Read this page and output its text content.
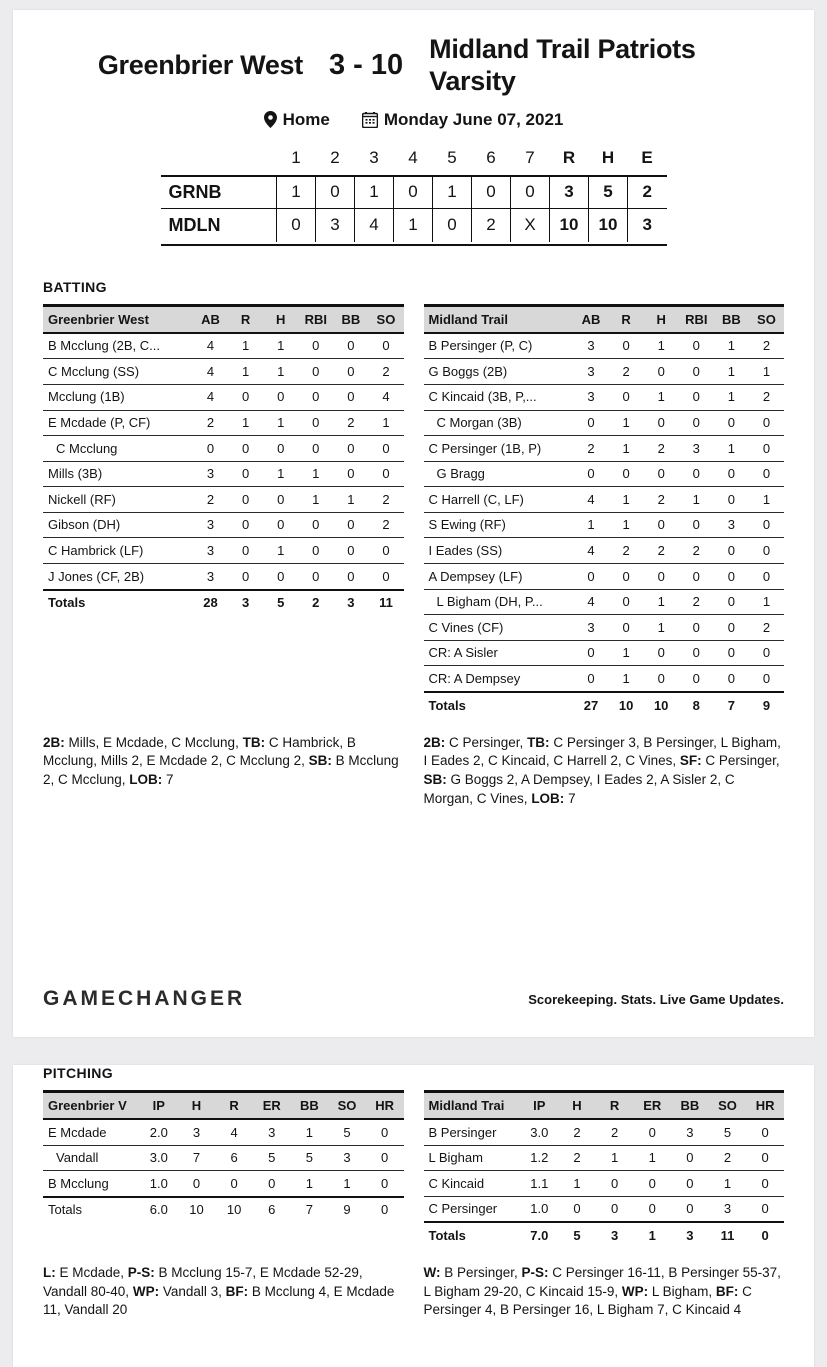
Greenbrier West 3 - 10
Midland Trail Patriots Varsity
Home	Monday June 07, 2021
	1	2	3	4	5	6	7	R	H	E
GRNB	1	0	1	0	1	0	0	3	5	2
MDLN	0	3	4	1	0	2	X	10	10	3
BATTING
Greenbrier West	AB	R	H	RBI	BB	SO
B Mcclung (2B, C...	4	1	1	0	0	0
C Mcclung (SS)	4	1	1	0	0	2
Mcclung (1B)	4	0	0	0	0	4
E Mcdade (P, CF)	2	1	1	0	2	1
C Mcclung	0	0	0	0	0	0
Mills (3B)	3	0	1	1	0	0
Nickell (RF)	2	0	0	1	1	2
Gibson (DH)	3	0	0	0	0	2
C Hambrick (LF)	3	0	1	0	0	0
J Jones (CF, 2B)	3	0	0	0	0	0
Totals	28	3	5	2	3	11
Midland Trail	AB	R	H	RBI	BB	SO
B Persinger (P, C)	3	0	1	0	1	2
G Boggs (2B)	3	2	0	0	1	1
C Kincaid (3B, P,...	3	0	1	0	1	2
C Morgan (3B)	0	1	0	0	0	0
C Persinger (1B, P)	2	1	2	3	1	0
G Bragg	0	0	0	0	0	0
C Harrell (C, LF)	4	1	2	1	0	1
S Ewing (RF)	1	1	0	0	3	0
I Eades (SS)	4	2	2	2	0	0
A Dempsey (LF)	0	0	0	0	0	0
L Bigham (DH, P...	4	0	1	2	0	1
C Vines (CF)	3	0	1	0	0	2
CR: A Sisler	0	1	0	0	0	0
CR: A Dempsey	0	1	0	0	0	0
Totals	27	10	10	8	7	9

2B: Mills, E Mcdade, C Mcclung, TB: C Hambrick, B Mcclung, Mills 2, E Mcdade 2, C Mcclung 2, SB: B Mcclung 2, C Mcclung, LOB: 7

2B: C Persinger, TB: C Persinger 3, B Persinger, L Bigham, I Eades 2, C Kincaid, C Harrell 2, C Vines, SF: C Persinger, SB: G Boggs 2, A Dempsey, I Eades 2, A Sisler 2, C Morgan, C Vines, LOB: 7

GAMECHANGER	Scorekeeping. Stats. Live Game Updates.
PITCHING
Greenbrier V	IP	H	R	ER	BB	SO	HR
E Mcdade	2.0	3	4	3	1	5	0
Vandall	3.0	7	6	5	5	3	0
B Mcclung	1.0	0	0	0	1	1	0
Totals	6.0	10	10	6	7	9	0
Midland Trai	IP	H	R	ER	BB	SO	HR
B Persinger	3.0	2	2	0	3	5	0
L Bigham	1.2	2	1	1	0	2	0
C Kincaid	1.1	1	0	0	0	1	0
C Persinger	1.0	0	0	0	0	3	0
Totals	7.0	5	3	1	3	11	0

L: E Mcdade, P-S: B Mcclung 15-7, E Mcdade 52-29, Vandall 80-40, WP: Vandall 3, BF: B Mcclung 4, E Mcdade 11, Vandall 20

W: B Persinger, P-S: C Persinger 16-11, B Persinger 55-37, L Bigham 29-20, C Kincaid 15-9, WP: L Bigham, BF: C Persinger 4, B Persinger 16, L Bigham 7, C Kincaid 4
